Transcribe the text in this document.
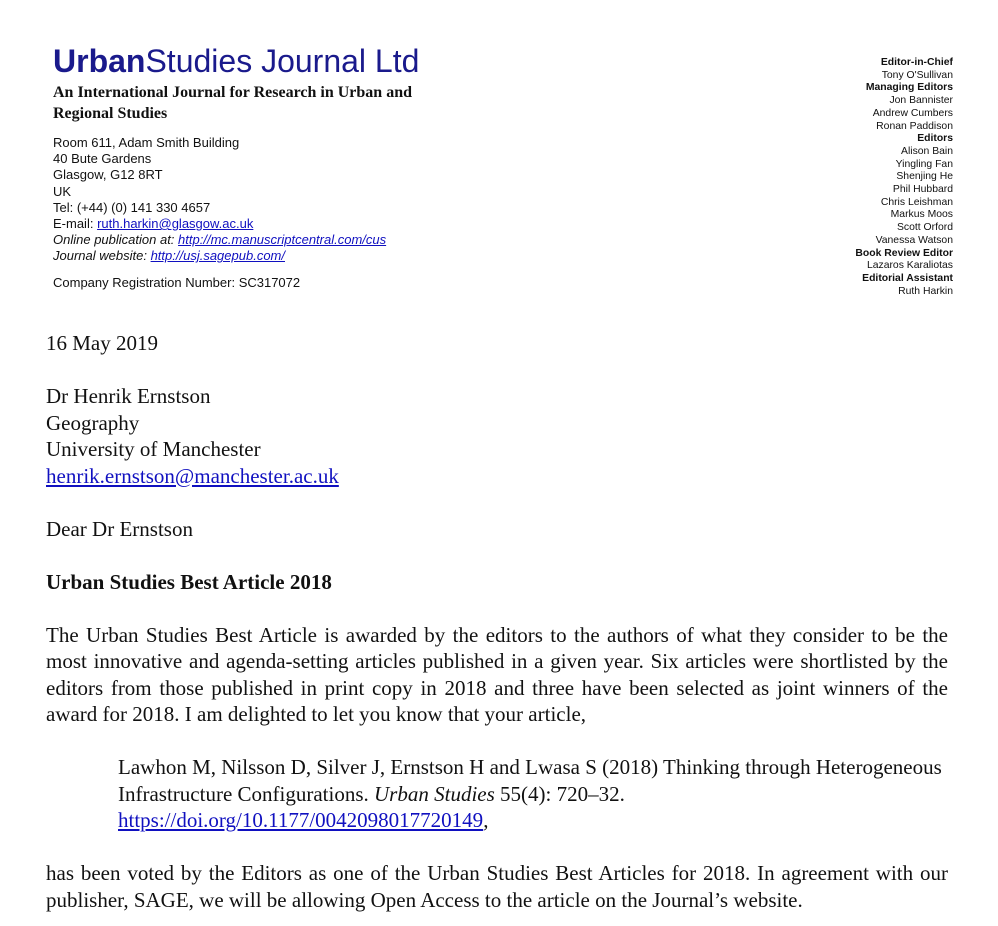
UrbanStudies Journal Ltd
An International Journal for Research in Urban and Regional Studies
Room 611, Adam Smith Building
40 Bute Gardens
Glasgow, G12 8RT
UK
Tel: (+44) (0) 141 330 4657
E-mail: ruth.harkin@glasgow.ac.uk
Online publication at: http://mc.manuscriptcentral.com/cus
Journal website: http://usj.sagepub.com/
Company Registration Number: SC317072
Editor-in-Chief
Tony O'Sullivan
Managing Editors
Jon Bannister
Andrew Cumbers
Ronan Paddison
Editors
Alison Bain
Yingling Fan
Shenjing He
Phil Hubbard
Chris Leishman
Markus Moos
Scott Orford
Vanessa Watson
Book Review Editor
Lazaros Karaliotas
Editorial Assistant
Ruth Harkin

16 May 2019

Dr Henrik Ernstson

Geography

University of Manchester

henrik.ernstson@manchester.ac.uk

Dear Dr Ernstson

Urban Studies Best Article 2018

The Urban Studies Best Article is awarded by the editors to the authors of what they consider to be the most innovative and agenda-setting articles published in a given year. Six articles were shortlisted by the editors from those published in print copy in 2018 and three have been selected as joint winners of the award for 2018. I am delighted to let you know that your article,

Lawhon M, Nilsson D, Silver J, Ernstson H and Lwasa S (2018) Thinking through Heterogeneous Infrastructure Configurations. Urban Studies 55(4): 720–32.
https://doi.org/10.1177/0042098017720149,

has been voted by the Editors as one of the Urban Studies Best Articles for 2018. In agreement with our publisher, SAGE, we will be allowing Open Access to the article on the Journal’s website.
